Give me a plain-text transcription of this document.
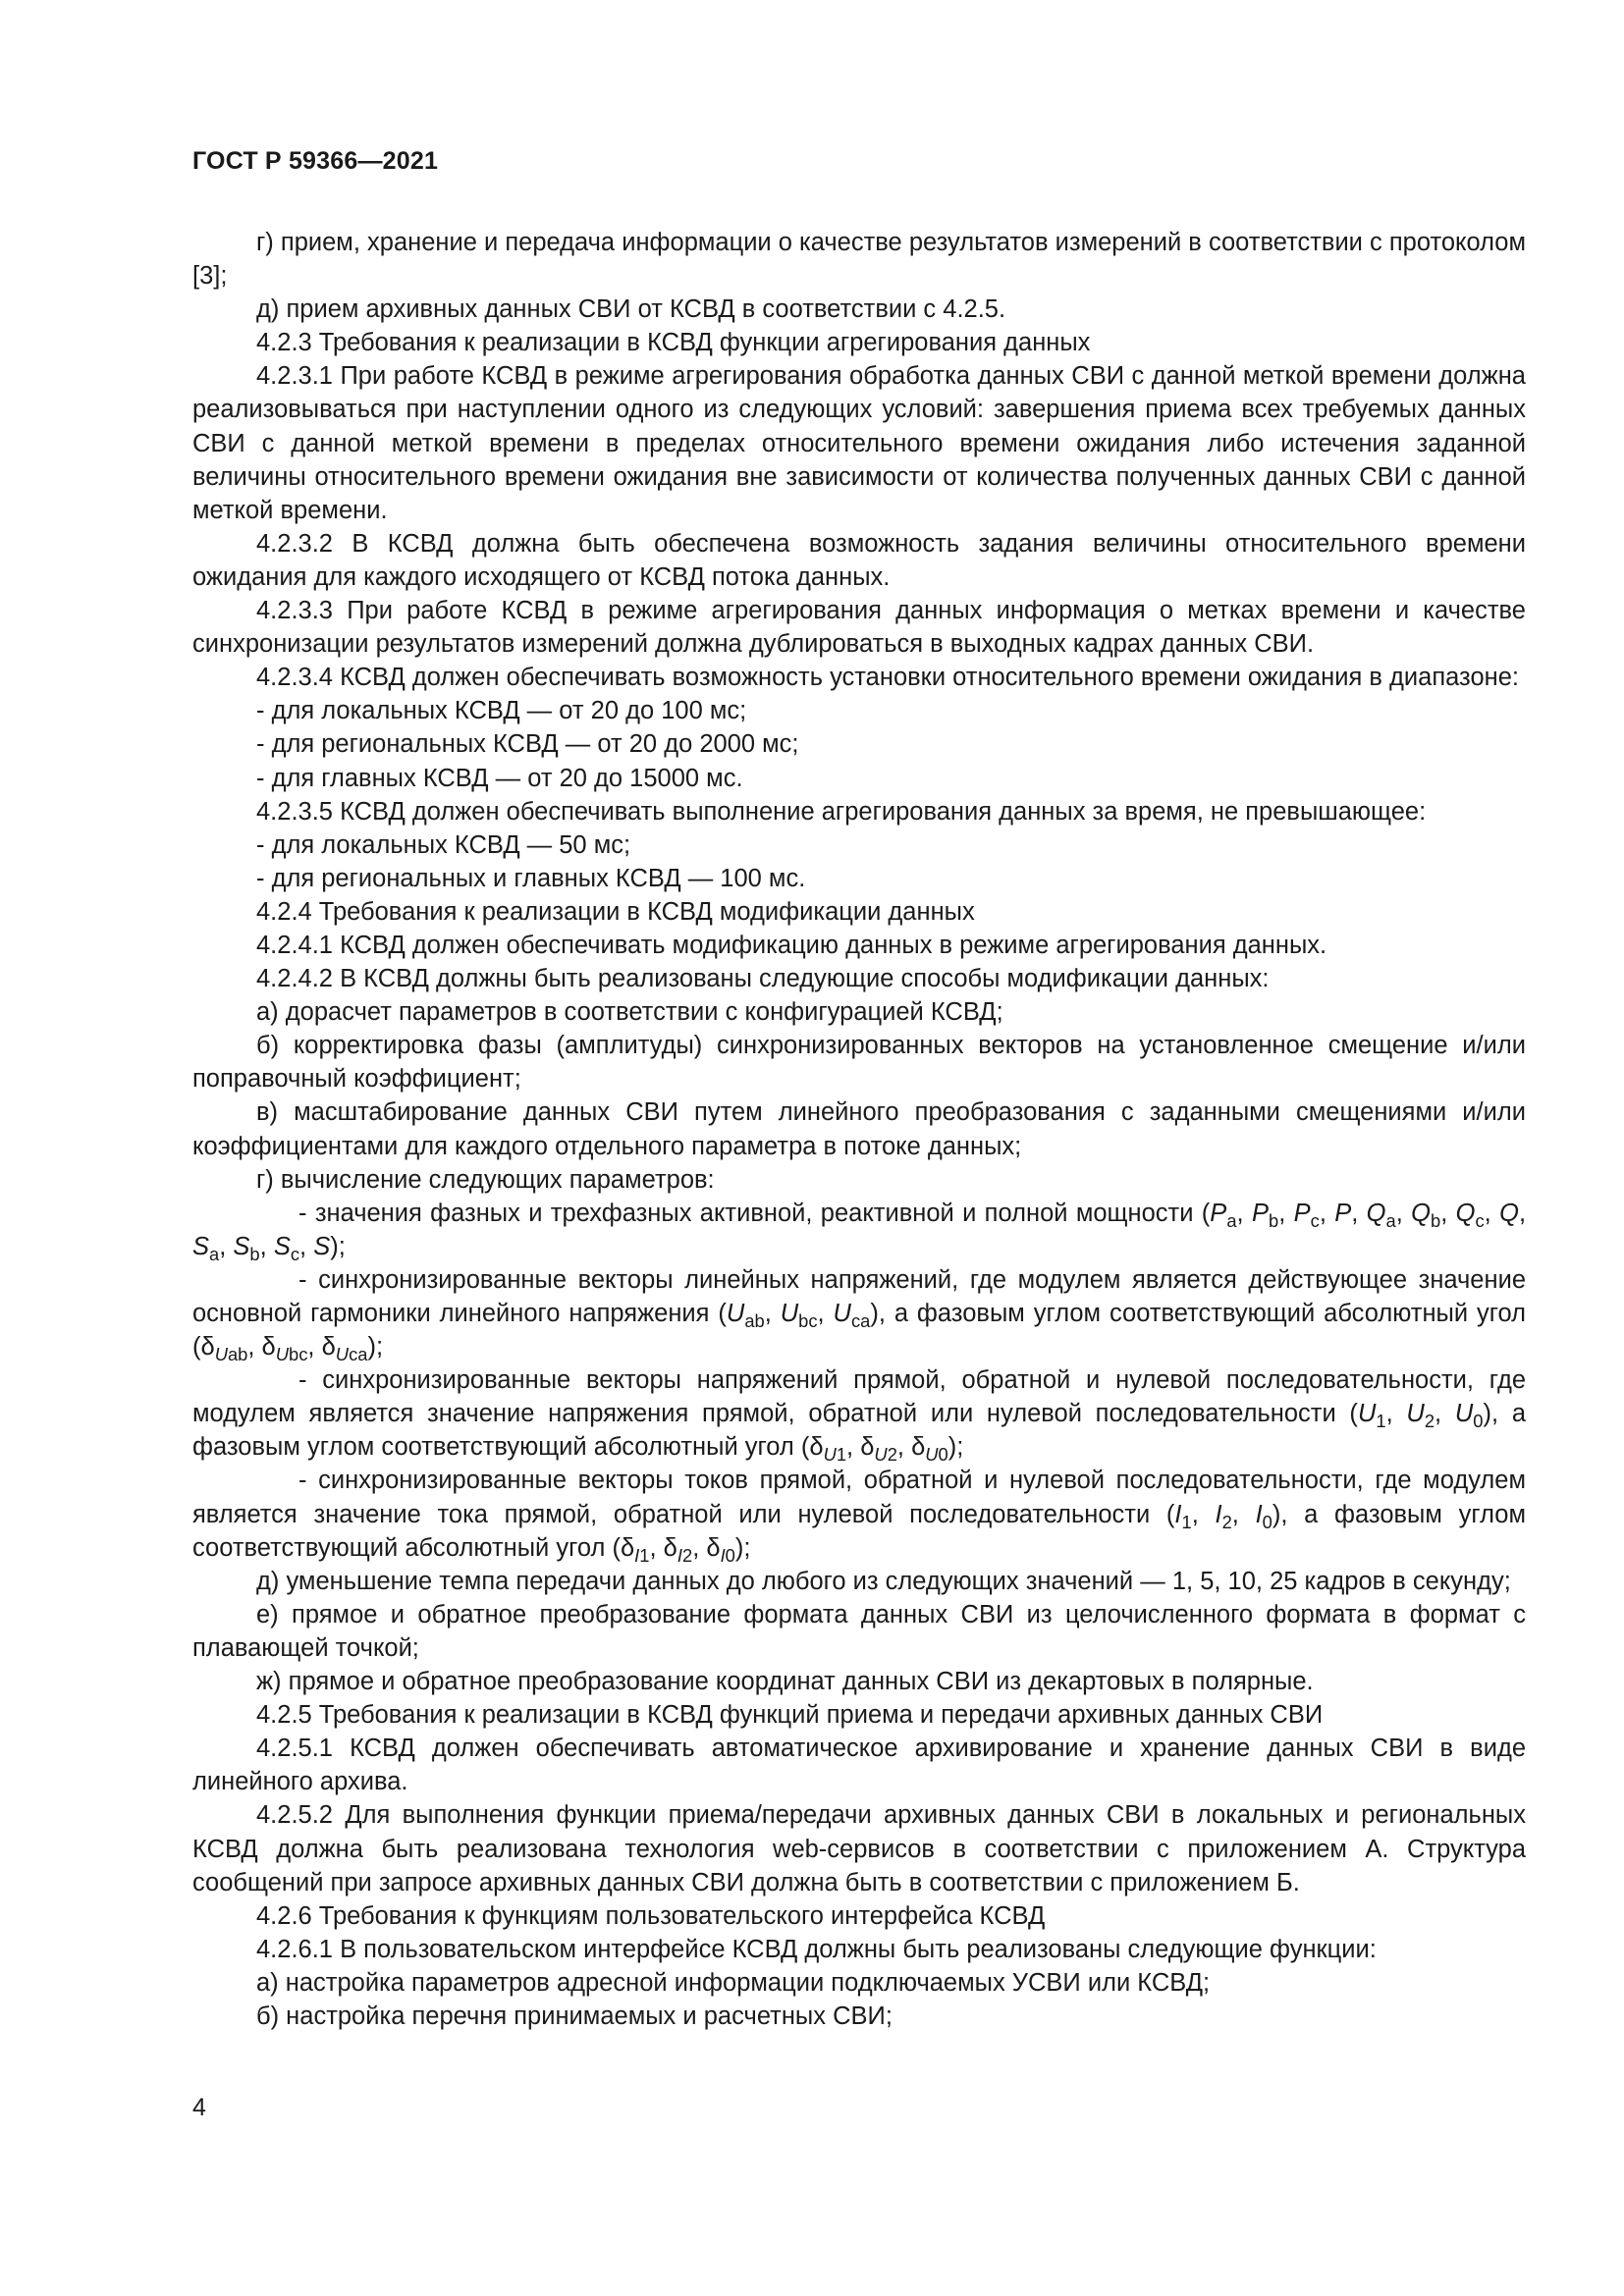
ГОСТ Р 59366—2021

г) прием, хранение и передача информации о качестве результатов измерений в соответствии с протоколом [3];

д) прием архивных данных СВИ от КСВД в соответствии с 4.2.5.

4.2.3 Требования к реализации в КСВД функции агрегирования данных

4.2.3.1 При работе КСВД в режиме агрегирования обработка данных СВИ с данной меткой времени должна реализовываться при наступлении одного из следующих условий: завершения приема всех требуемых данных СВИ с данной меткой времени в пределах относительного времени ожидания либо истечения заданной величины относительного времени ожидания вне зависимости от количества полученных данных СВИ с данной меткой времени.

4.2.3.2 В КСВД должна быть обеспечена возможность задания величины относительного времени ожидания для каждого исходящего от КСВД потока данных.

4.2.3.3 При работе КСВД в режиме агрегирования данных информация о метках времени и качестве синхронизации результатов измерений должна дублироваться в выходных кадрах данных СВИ.

4.2.3.4 КСВД должен обеспечивать возможность установки относительного времени ожидания в диапазоне:

- для локальных КСВД — от 20 до 100 мс;

- для региональных КСВД — от 20 до 2000 мс;

- для главных КСВД — от 20 до 15000 мс.

4.2.3.5 КСВД должен обеспечивать выполнение агрегирования данных за время, не превышающее:

- для локальных КСВД — 50 мс;

- для региональных и главных КСВД — 100 мс.

4.2.4 Требования к реализации в КСВД модификации данных

4.2.4.1 КСВД должен обеспечивать модификацию данных в режиме агрегирования данных.

4.2.4.2 В КСВД должны быть реализованы следующие способы модификации данных:

а) дорасчет параметров в соответствии с конфигурацией КСВД;

б) корректировка фазы (амплитуды) синхронизированных векторов на установленное смещение и/или поправочный коэффициент;

в) масштабирование данных СВИ путем линейного преобразования с заданными смещениями и/или коэффициентами для каждого отдельного параметра в потоке данных;

г) вычисление следующих параметров:

- значения фазных и трехфазных активной, реактивной и полной мощности ($P_a$, $P_b$, $P_c$, P, $Q_a$, $Q_b$, $Q_c$, Q, $S_a$, $S_b$, $S_c$, S);

- синхронизированные векторы линейных напряжений, где модулем является действующее значение основной гармоники линейного напряжения ($U_{ab}$, $U_{bc}$, $U_{ca}$), а фазовым углом соответствующий абсолютный угол ($\delta_{Uab}$, $\delta_{Ubc}$, $\delta_{Uca}$);

- синхронизированные векторы напряжений прямой, обратной и нулевой последовательности, где модулем является значение напряжения прямой, обратной или нулевой последовательности ($U_1$, $U_2$, $U_0$), а фазовым углом соответствующий абсолютный угол ($\delta_{U1}$, $\delta_{U2}$, $\delta_{U0}$);

- синхронизированные векторы токов прямой, обратной и нулевой последовательности, где модулем является значение тока прямой, обратной или нулевой последовательности ($I_1$, $I_2$, $I_0$), а фазовым углом соответствующий абсолютный угол ($\delta_{I1}$, $\delta_{I2}$, $\delta_{I0}$);

д) уменьшение темпа передачи данных до любого из следующих значений — 1, 5, 10, 25 кадров в секунду;

е) прямое и обратное преобразование формата данных СВИ из целочисленного формата в формат с плавающей точкой;

ж) прямое и обратное преобразование координат данных СВИ из декартовых в полярные.

4.2.5 Требования к реализации в КСВД функций приема и передачи архивных данных СВИ

4.2.5.1 КСВД должен обеспечивать автоматическое архивирование и хранение данных СВИ в виде линейного архива.

4.2.5.2 Для выполнения функции приема/передачи архивных данных СВИ в локальных и региональных КСВД должна быть реализована технология web-сервисов в соответствии с приложением А. Структура сообщений при запросе архивных данных СВИ должна быть в соответствии с приложением Б.

4.2.6 Требования к функциям пользовательского интерфейса КСВД

4.2.6.1 В пользовательском интерфейсе КСВД должны быть реализованы следующие функции:

а) настройка параметров адресной информации подключаемых УСВИ или КСВД;

б) настройка перечня принимаемых и расчетных СВИ;

4
